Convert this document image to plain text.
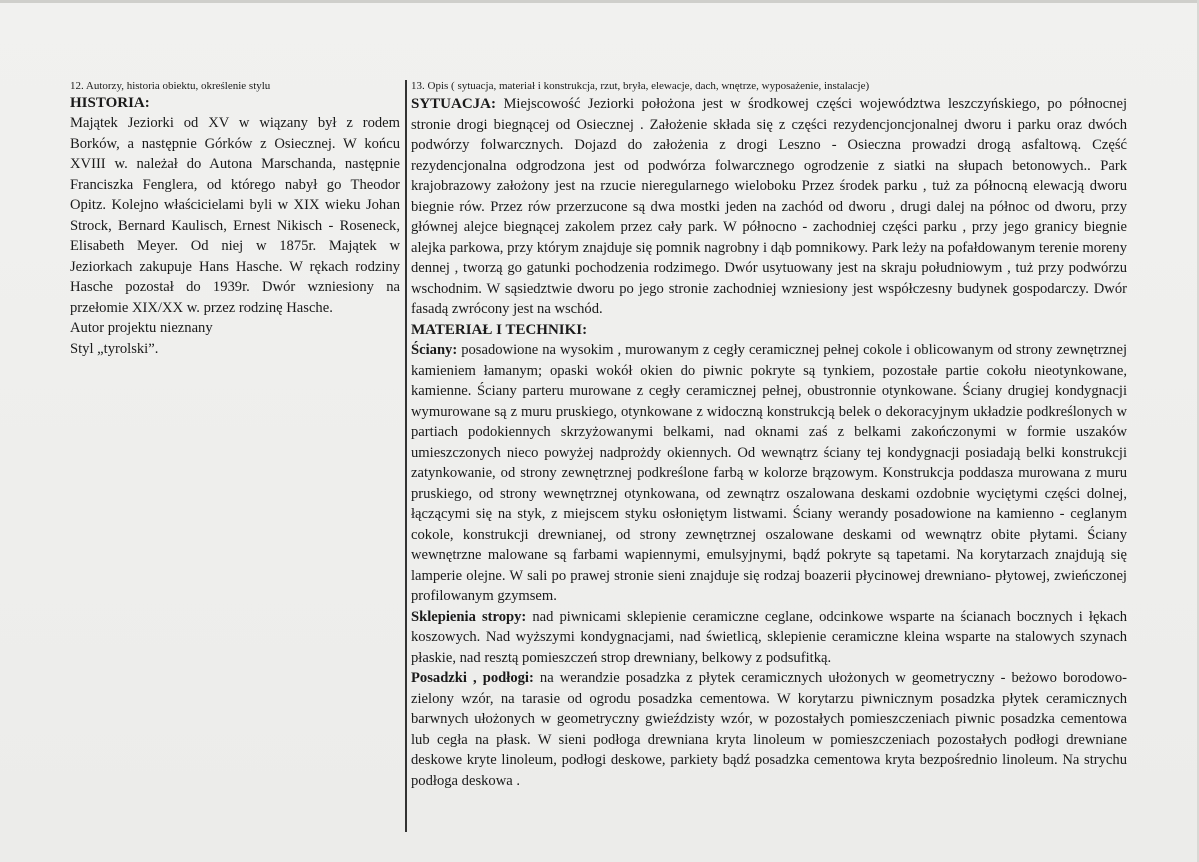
12. Autorzy, historia obiektu, określenie stylu
HISTORIA:
Majątek Jeziorki od XV w wiązany był z rodem Borków, a następnie Górków z Osiecznej. W końcu XVIII w. należał do Autona Marschanda, następnie Franciszka Fenglera, od którego nabył go Theodor Opitz. Kolejno właścicielami byli w XIX wieku Johan Strock, Bernard Kaulisch, Ernest Nikisch - Roseneck, Elisabeth Meyer. Od niej w 1875r. Majątek w Jeziorkach zakupuje Hans Hasche. W rękach rodziny Hasche pozostał do 1939r. Dwór wzniesiony na przełomie XIX/XX w. przez rodzinę Hasche.
Autor projektu nieznany
Styl „tyrolski”.
13. Opis ( sytuacja, materiał i konstrukcja, rzut, bryła, elewacje, dach, wnętrze, wyposażenie, instalacje)
SYTUACJA: Miejscowość Jeziorki położona jest w środkowej części województwa leszczyńskiego, po północnej stronie drogi biegnącej od Osiecznej . Założenie składa się z części rezydencjoncjonalnej dworu i parku oraz dwóch podwórzy folwarcznych. Dojazd do założenia z drogi Leszno - Osieczna prowadzi drogą asfaltową. Część rezydencjonalna odgrodzona jest od podwórza folwarcznego ogrodzenie z siatki na słupach betonowych.. Park krajobrazowy założony jest na rzucie nieregularnego wieloboku Przez środek parku , tuż za północną elewacją dworu biegnie rów. Przez rów przerzucone są dwa mostki jeden na zachód od dworu , drugi dalej na północ od dworu, przy głównej alejce biegnącej zakolem przez cały park. W północno - zachodniej części parku , przy jego granicy biegnie alejka parkowa, przy którym znajduje się pomnik nagrobny i dąb pomnikowy. Park leży na pofałdowanym terenie moreny dennej , tworzą go gatunki pochodzenia rodzimego. Dwór usytuowany jest na skraju południowym , tuż przy podwórzu wschodnim. W sąsiedztwie dworu po jego stronie zachodniej wzniesiony jest współczesny budynek gospodarczy. Dwór fasadą zwrócony jest na wschód.
MATERIAŁ I TECHNIKI:
Ściany: posadowione na wysokim , murowanym z cegły ceramicznej pełnej cokole i oblicowanym od strony zewnętrznej kamieniem łamanym; opaski wokół okien do piwnic pokryte są tynkiem, pozostałe partie cokołu nieotynkowane, kamienne. Ściany parteru murowane z cegły ceramicznej pełnej, obustronnie otynkowane. Ściany drugiej kondygnacji wymurowane są z muru pruskiego, otynkowane z widoczną konstrukcją belek o dekoracyjnym układzie podkreślonych w partiach podokiennych skrzyżowanymi belkami, nad oknami zaś z belkami zakończonymi w formie uszaków umieszczonych nieco powyżej nadprożdy okiennych. Od wewnątrz ściany tej kondygnacji posiadają belki konstrukcji zatynkowanie, od strony zewnętrznej podkreślone farbą w kolorze brązowym. Konstrukcja poddasza murowana z muru pruskiego, od strony wewnętrznej otynkowana, od zewnątrz oszalowana deskami ozdobnie wyciętymi części dolnej, łączącymi się na styk, z miejscem styku osłoniętym listwami. Ściany werandy posadowione na kamienno - ceglanym cokole, konstrukcji drewnianej, od strony zewnętrznej oszalowane deskami od wewnątrz obite płytami. Ściany wewnętrzne malowane są farbami wapiennymi, emulsyjnymi, bądź pokryte są tapetami. Na korytarzach znajdują się lamperie olejne. W sali po prawej stronie sieni znajduje się rodzaj boazerii płycinowej drewniano- płytowej, zwieńczonej profilowanym gzymsem.
Sklepienia stropy: nad piwnicami sklepienie ceramiczne ceglane, odcinkowe wsparte na ścianach bocznych i łękach koszowych. Nad wyższymi kondygnacjami, nad świetlicą, sklepienie ceramiczne kleina wsparte na stalowych szynach płaskie, nad resztą pomieszczeń strop drewniany, belkowy z podsufitką.
Posadzki , podłogi: na werandzie posadzka z płytek ceramicznych ułożonych w geometryczny - beżowo borodowo- zielony wzór, na tarasie od ogrodu posadzka cementowa. W korytarzu piwnicznym posadzka płytek ceramicznych barwnych ułożonych w geometryczny gwieździsty wzór, w pozostałych pomieszczeniach piwnic posadzka cementowa lub cegła na płask. W sieni podłoga drewniana kryta linoleum w pomieszczeniach pozostałych podłogi drewniane deskowe kryte linoleum, podłogi deskowe, parkiety bądź posadzka cementowa kryta bezpośrednio linoleum. Na strychu podłoga deskowa .
